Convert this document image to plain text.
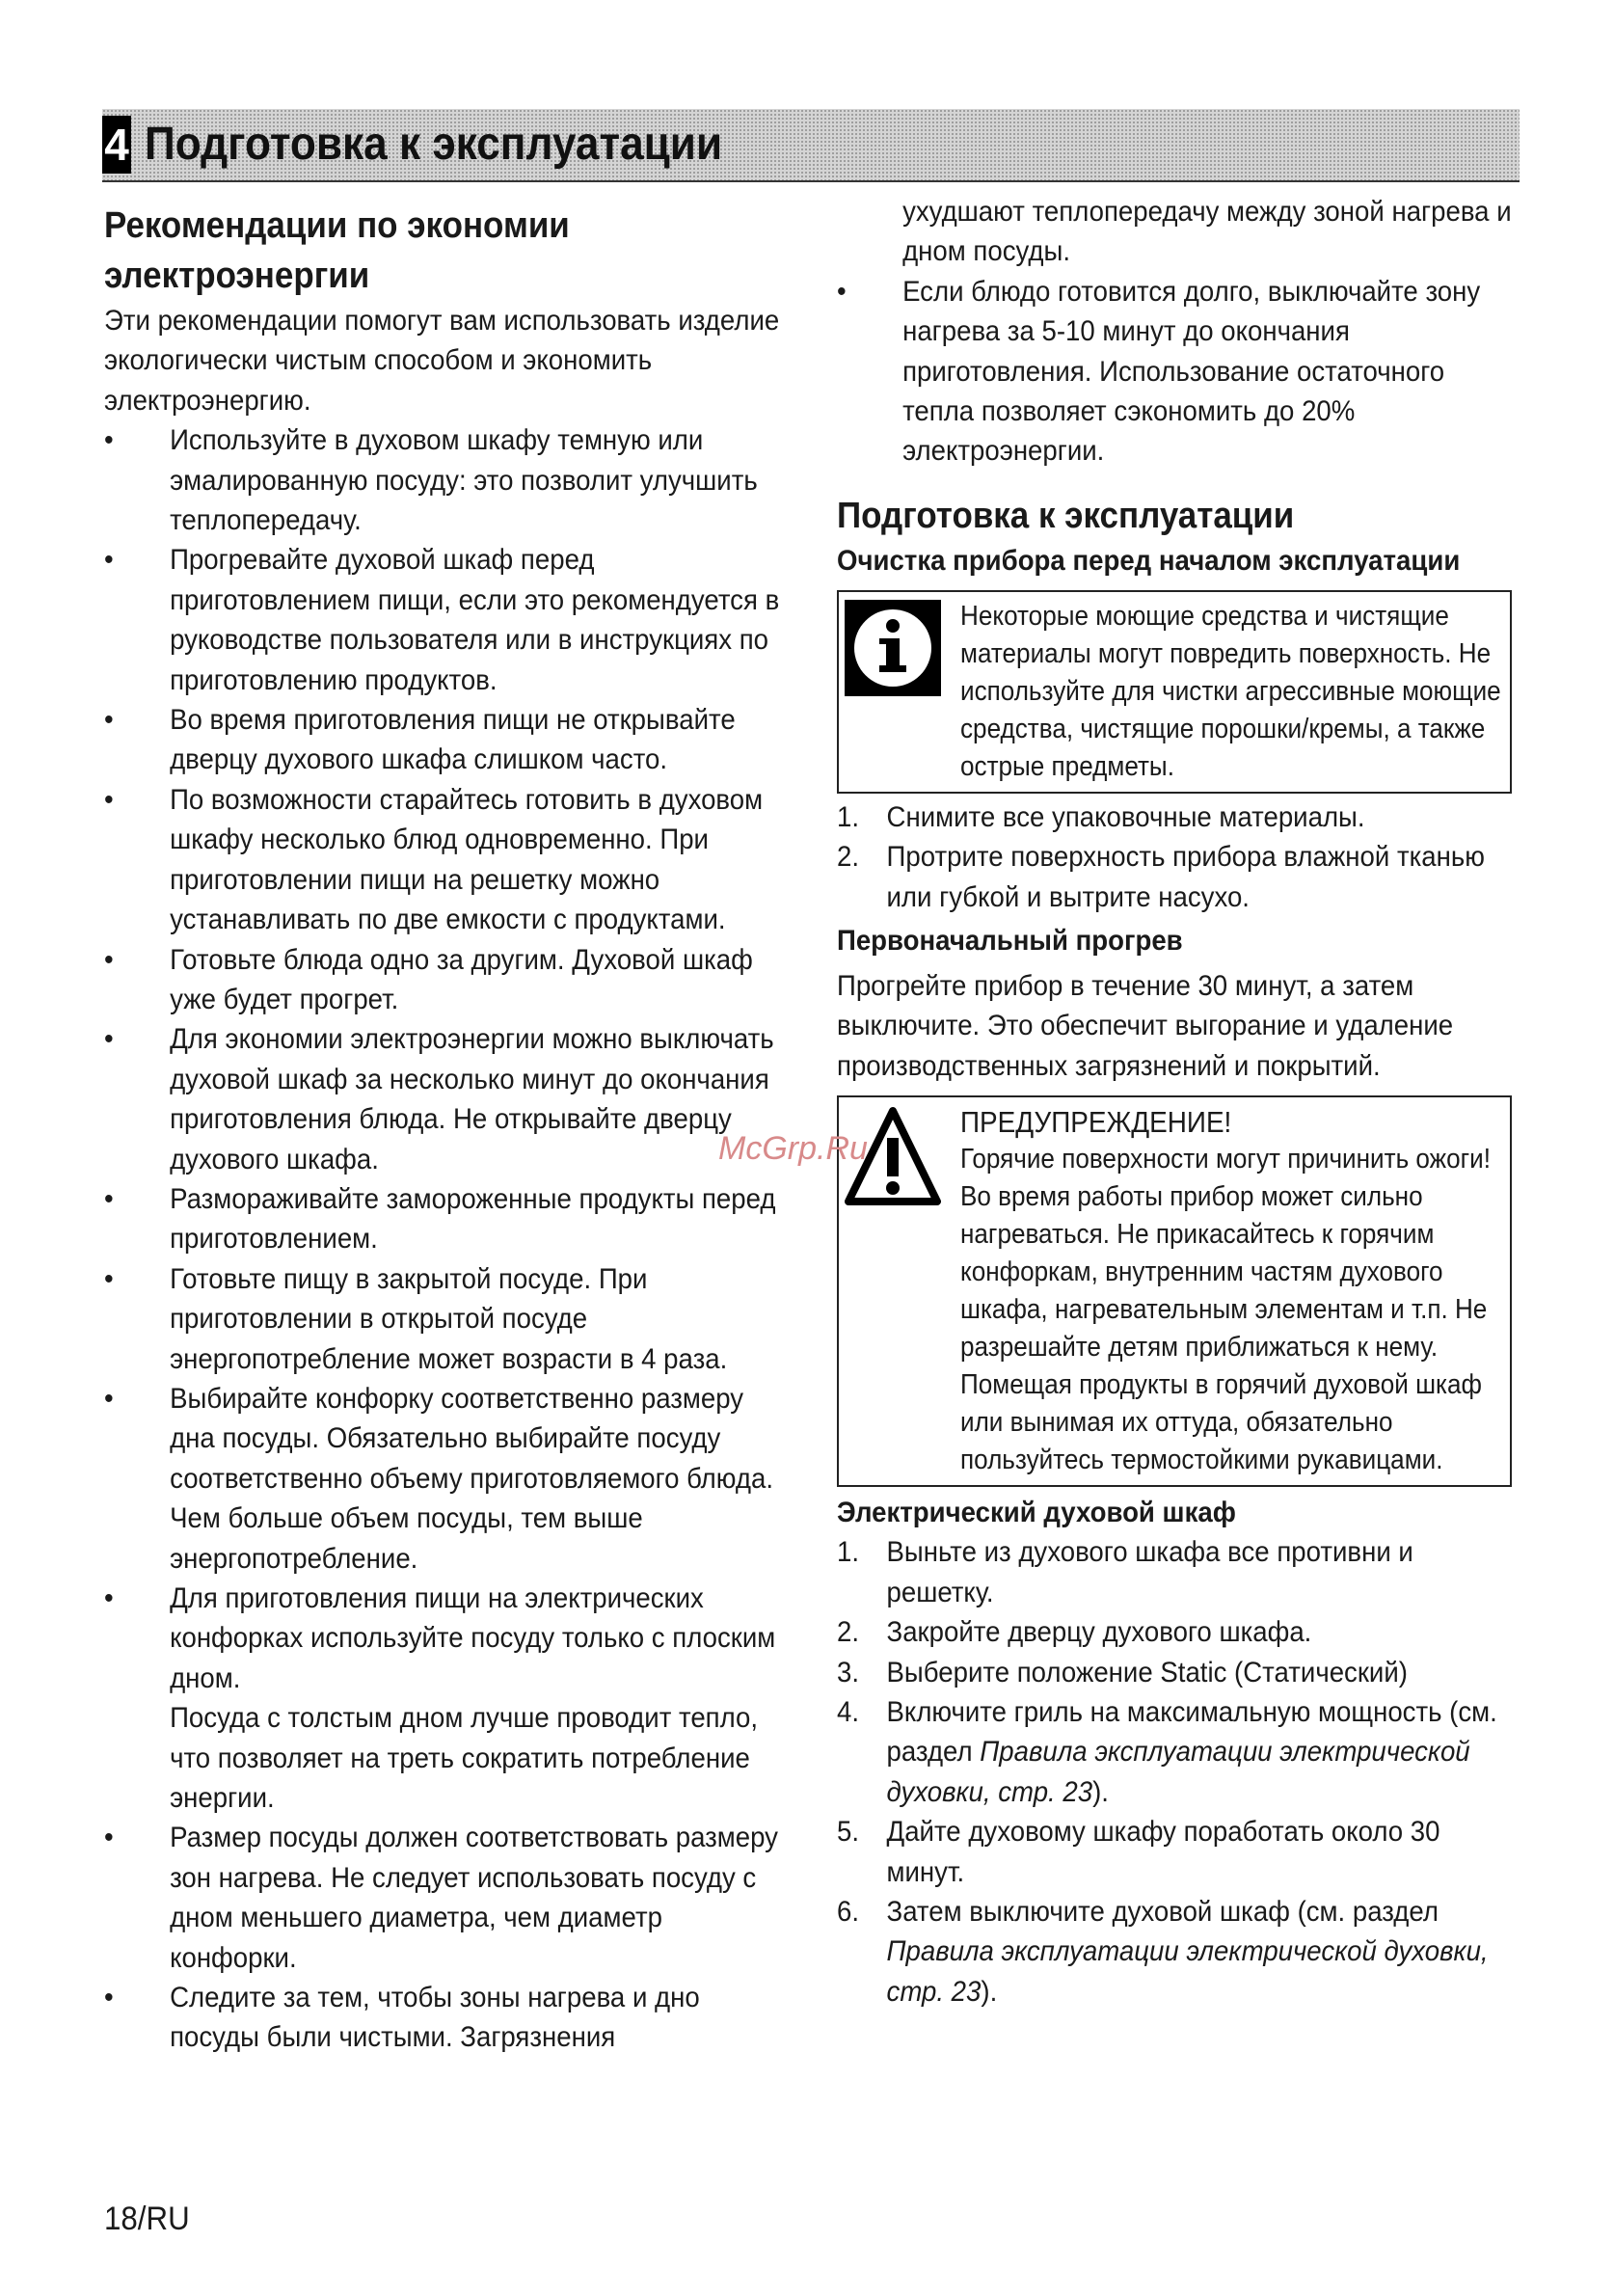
4 Подготовка к эксплуатации
Рекомендации по экономии электроэнергии

Эти рекомендации помогут вам использовать изделие экологически чистым способом и экономить электроэнергию.

• Используйте в духовом шкафу темную или эмалированную посуду: это позволит улучшить теплопередачу.
• Прогревайте духовой шкаф перед приготовлением пищи, если это рекомендуется в руководстве пользователя или в инструкциях по приготовлению продуктов.
• Во время приготовления пищи не открывайте дверцу духового шкафа слишком часто.
• По возможности старайтесь готовить в духовом шкафу несколько блюд одновременно. При приготовлении пищи на решетку можно устанавливать по две емкости с продуктами.
• Готовьте блюда одно за другим. Духовой шкаф уже будет прогрет.
• Для экономии электроэнергии можно выключать духовой шкаф за несколько минут до окончания приготовления блюда. Не открывайте дверцу духового шкафа.
• Размораживайте замороженные продукты перед приготовлением.
• Готовьте пищу в закрытой посуде. При приготовлении в открытой посуде энергопотребление может возрасти в 4 раза.
• Выбирайте конфорку соответственно размеру дна посуды. Обязательно выбирайте посуду соответственно объему приготовляемого блюда. Чем больше объем посуды, тем выше энергопотребление.
• Для приготовления пищи на электрических конфорках используйте посуду только с плоским дном.
Посуда с толстым дном лучше проводит тепло, что позволяет на треть сократить потребление энергии.
• Размер посуды должен соответствовать размеру зон нагрева. Не следует использовать посуду с дном меньшего диаметра, чем диаметр конфорки.
• Следите за тем, чтобы зоны нагрева и дно посуды были чистыми. Загрязнения

ухудшают теплопередачу между зоной нагрева и дном посуды.

• Если блюдо готовится долго, выключайте зону нагрева за 5-10 минут до окончания приготовления. Использование остаточного тепла позволяет сэкономить до 20% электроэнергии.
Подготовка к эксплуатации
Очистка прибора перед началом эксплуатации

Некоторые моющие средства и чистящие материалы могут повредить поверхность. Не используйте для чистки агрессивные моющие средства, чистящие порошки/кремы, а также острые предметы.

1. Снимите все упаковочные материалы.
2. Протрите поверхность прибора влажной тканью или губкой и вытрите насухо.
Первоначальный прогрев

Прогрейте прибор в течение 30 минут, а затем выключите. Это обеспечит выгорание и удаление производственных загрязнений и покрытий.

ПРЕДУПРЕЖДЕНИЕ!

Горячие поверхности могут причинить ожоги!

Во время работы прибор может сильно нагреваться. Не прикасайтесь к горячим конфоркам, внутренним частям духового шкафа, нагревательным элементам и т.п. Не разрешайте детям приближаться к нему.

Помещая продукты в горячий духовой шкаф или вынимая их оттуда, обязательно пользуйтесь термостойкими рукавицами.

Электрический духовой шкаф
1. Выньте из духового шкафа все противни и решетку.
2. Закройте дверцу духового шкафа.
3. Выберите положение Static (Статический)
4. Включите гриль на максимальную мощность (см. раздел Правила эксплуатации электрической духовки, стр. 23).
5. Дайте духовому шкафу поработать около 30 минут.
6. Затем выключите духовой шкаф (см. раздел Правила эксплуатации электрической духовки, стр. 23).
McGrp.Ru
18/RU
